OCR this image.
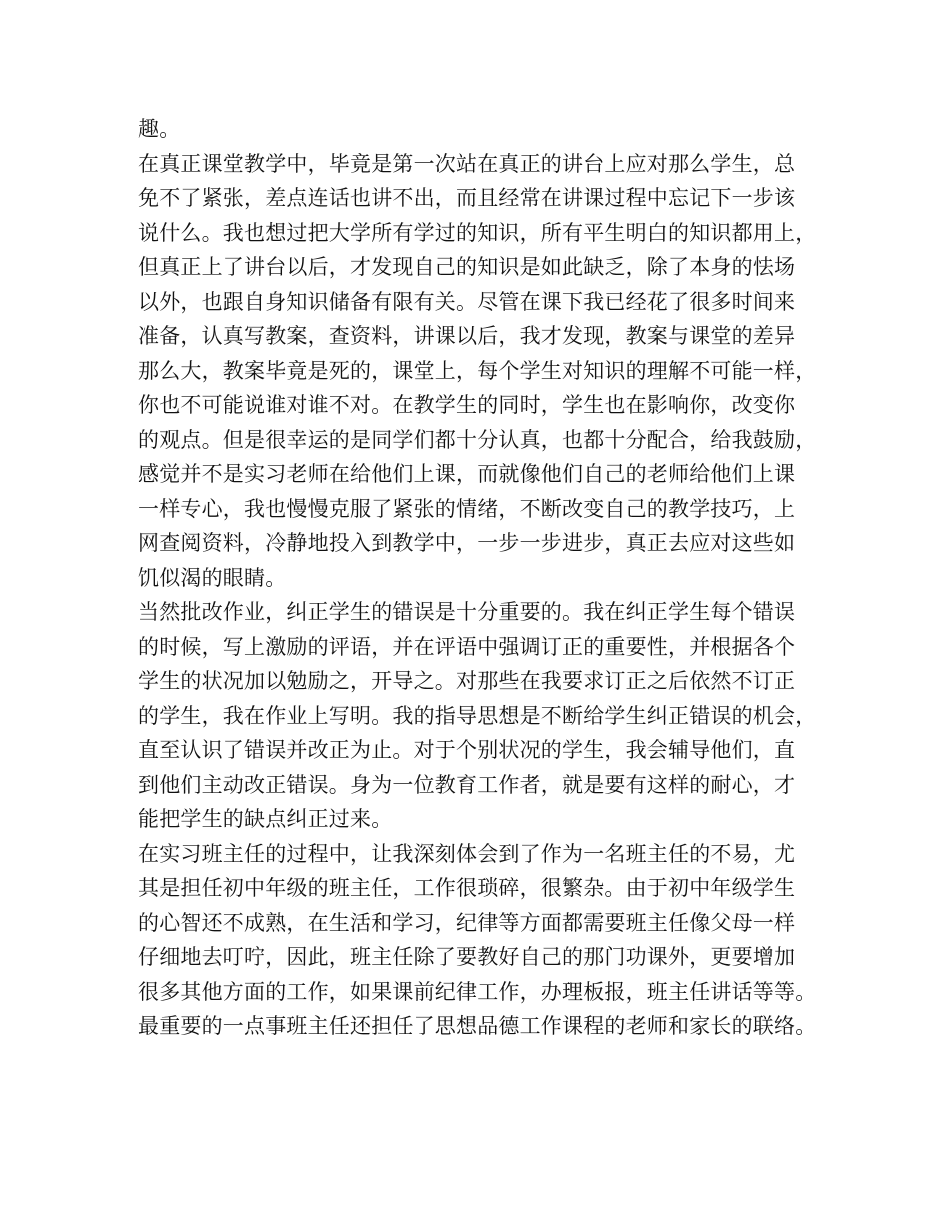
趣。
在真正课堂教学中，毕竟是第一次站在真正的讲台上应对那么学生，总
免不了紧张，差点连话也讲不出，而且经常在讲课过程中忘记下一步该
说什么。我也想过把大学所有学过的知识，所有平生明白的知识都用上，
但真正上了讲台以后，才发现自己的知识是如此缺乏，除了本身的怯场
以外，也跟自身知识储备有限有关。尽管在课下我已经花了很多时间来
准备，认真写教案，查资料，讲课以后，我才发现，教案与课堂的差异
那么大，教案毕竟是死的，课堂上，每个学生对知识的理解不可能一样，
你也不可能说谁对谁不对。在教学生的同时，学生也在影响你，改变你
的观点。但是很幸运的是同学们都十分认真，也都十分配合，给我鼓励，
感觉并不是实习老师在给他们上课，而就像他们自己的老师给他们上课
一样专心，我也慢慢克服了紧张的情绪，不断改变自己的教学技巧，上
网查阅资料，冷静地投入到教学中，一步一步进步，真正去应对这些如
饥似渴的眼睛。
当然批改作业，纠正学生的错误是十分重要的。我在纠正学生每个错误
的时候，写上激励的评语，并在评语中强调订正的重要性，并根据各个
学生的状况加以勉励之，开导之。对那些在我要求订正之后依然不订正
的学生，我在作业上写明。我的指导思想是不断给学生纠正错误的机会，
直至认识了错误并改正为止。对于个别状况的学生，我会辅导他们，直
到他们主动改正错误。身为一位教育工作者，就是要有这样的耐心，才
能把学生的缺点纠正过来。
在实习班主任的过程中，让我深刻体会到了作为一名班主任的不易，尤
其是担任初中年级的班主任，工作很琐碎，很繁杂。由于初中年级学生
的心智还不成熟，在生活和学习，纪律等方面都需要班主任像父母一样
仔细地去叮咛，因此，班主任除了要教好自己的那门功课外，更要增加
很多其他方面的工作，如果课前纪律工作，办理板报，班主任讲话等等。
最重要的一点事班主任还担任了思想品德工作课程的老师和家长的联络。
